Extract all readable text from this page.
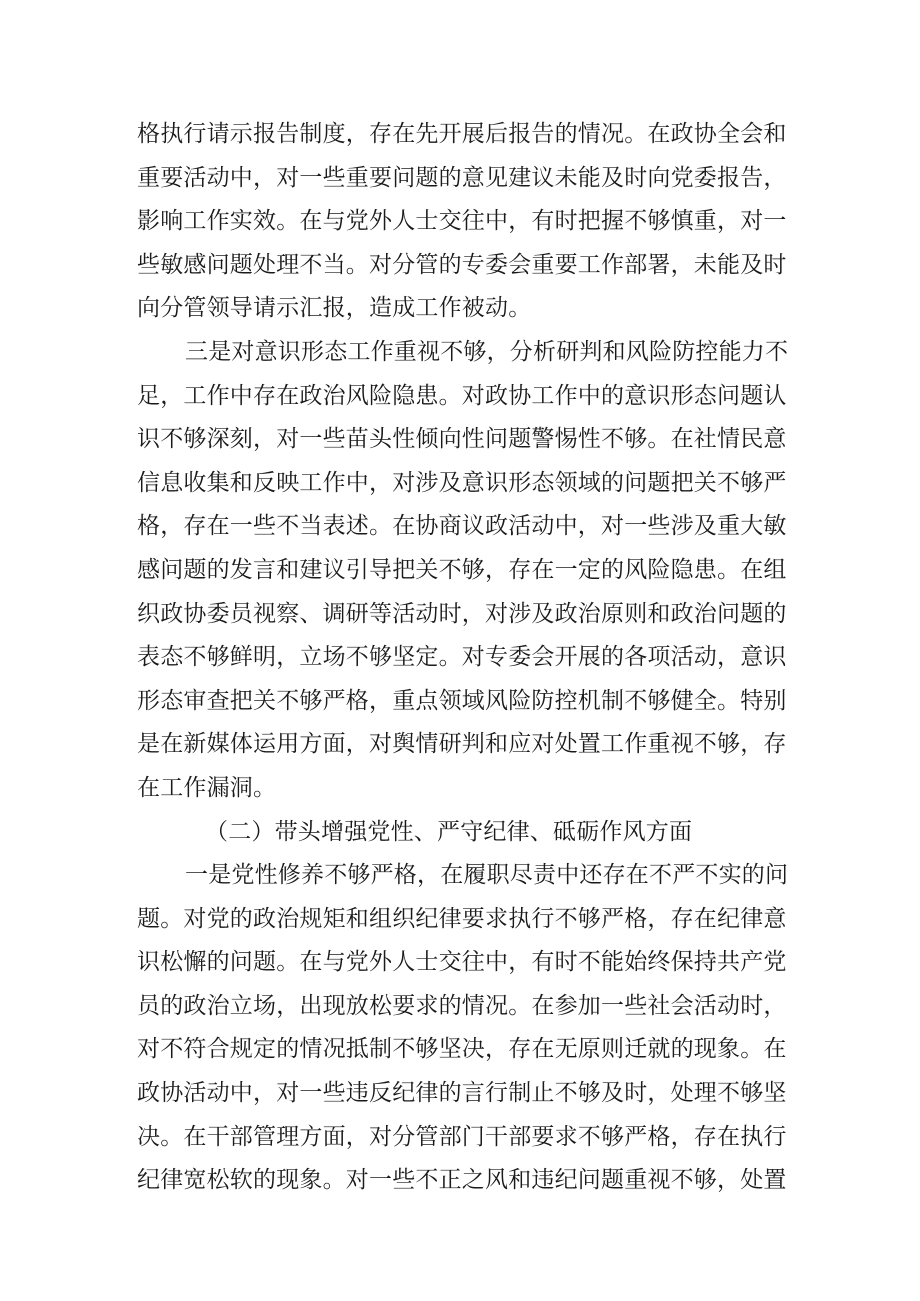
格执行请示报告制度，存在先开展后报告的情况。在政协全会和
重要活动中，对一些重要问题的意见建议未能及时向党委报告，
影响工作实效。在与党外人士交往中，有时把握不够慎重，对一
些敏感问题处理不当。对分管的专委会重要工作部署，未能及时
向分管领导请示汇报，造成工作被动。
三是对意识形态工作重视不够，分析研判和风险防控能力不
足，工作中存在政治风险隐患。对政协工作中的意识形态问题认
识不够深刻，对一些苗头性倾向性问题警惕性不够。在社情民意
信息收集和反映工作中，对涉及意识形态领域的问题把关不够严
格，存在一些不当表述。在协商议政活动中，对一些涉及重大敏
感问题的发言和建议引导把关不够，存在一定的风险隐患。在组
织政协委员视察、调研等活动时，对涉及政治原则和政治问题的
表态不够鲜明，立场不够坚定。对专委会开展的各项活动，意识
形态审查把关不够严格，重点领域风险防控机制不够健全。特别
是在新媒体运用方面，对舆情研判和应对处置工作重视不够，存
在工作漏洞。
（二）带头增强党性、严守纪律、砥砺作风方面
一是党性修养不够严格，在履职尽责中还存在不严不实的问
题。对党的政治规矩和组织纪律要求执行不够严格，存在纪律意
识松懈的问题。在与党外人士交往中，有时不能始终保持共产党
员的政治立场，出现放松要求的情况。在参加一些社会活动时，
对不符合规定的情况抵制不够坚决，存在无原则迁就的现象。在
政协活动中，对一些违反纪律的言行制止不够及时，处理不够坚
决。在干部管理方面，对分管部门干部要求不够严格，存在执行
纪律宽松软的现象。对一些不正之风和违纪问题重视不够，处置
